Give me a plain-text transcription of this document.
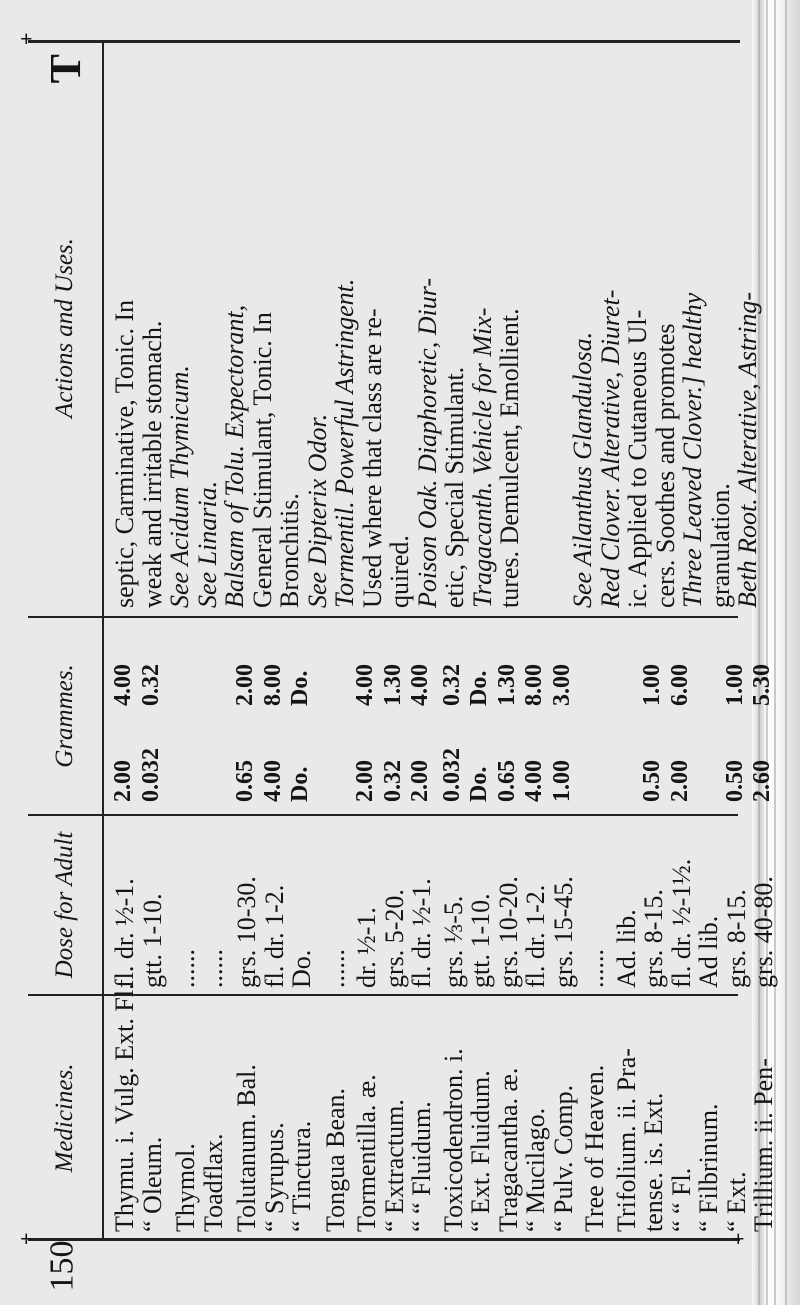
+
+	+
Medicines.
Dose for Adult
Grammes.
Actions and Uses.
T
Thymu. i. Vulg. Ext. Fl.
“ Oleum. Thymol.
Toadflax. Tolutanum. Bal.
“ Syrupus.
“ Tinctura. Tongua Bean. Tormentilla. æ.
“ Extractum.
“ “ Fluidum. Toxicodendron. i.
“ Ext. Fluidum.
Tragacantha. æ.
“ Mucilago.
“ Pulv. Comp. Tree of Heaven. Trifolium. ii. Pra-
tense. is. Ext.
“ “ Fl.
“ Filbrinum.
“ Ext.
Trillium. ii. Pen-
fl. dr. ½-1.
gtt. 1-10. ......
...... grs. 10-30.
fl. dr. 1-2.
Do. ...... dr. ½-1.
grs. 5-20.
fl. dr. ½-1. grs. ⅓-5.
gtt. 1-10.
grs. 10-20.
fl. dr. 1-2.
grs. 15-45. ...... Ad. lib.
grs. 8-15.
fl. dr. ½-1½.
Ad lib.
grs. 8-15.
grs. 40-80.
2.00
4.00
0.032
0.32
0.65
2.00
4.00
8.00
Do.
Do.
2.00
4.00
0.32
1.30
2.00
4.00
0.032
0.32
Do.
Do.
0.65
1.30
4.00
8.00
1.00
3.00
0.50
1.00
2.00
6.00
0.50
1.00
2.60
5.30
septic, Carminative, Tonic. In
weak and irritable stomach.
See Acidum Thymicum.
See Linaria.
Balsam of Tolu. Expectorant,
General Stimulant, Tonic. In
Bronchitis.
See Dipterix Odor.
Tormentil. Powerful Astringent.
Used where that class are re-
quired.
Poison Oak. Diaphoretic, Diur-
etic, Special Stimulant.
Tragacanth. Vehicle for Mix-
tures. Demulcent, Emollient. See Ailanthus Glandulosa.
Red Clover. Alterative, Diuret-
ic. Applied to Cutaneous Ul-
cers. Soothes and promotes
Three Leaved Clover.] healthy
granulation.
Beth Root. Alterative, Astring-
150
